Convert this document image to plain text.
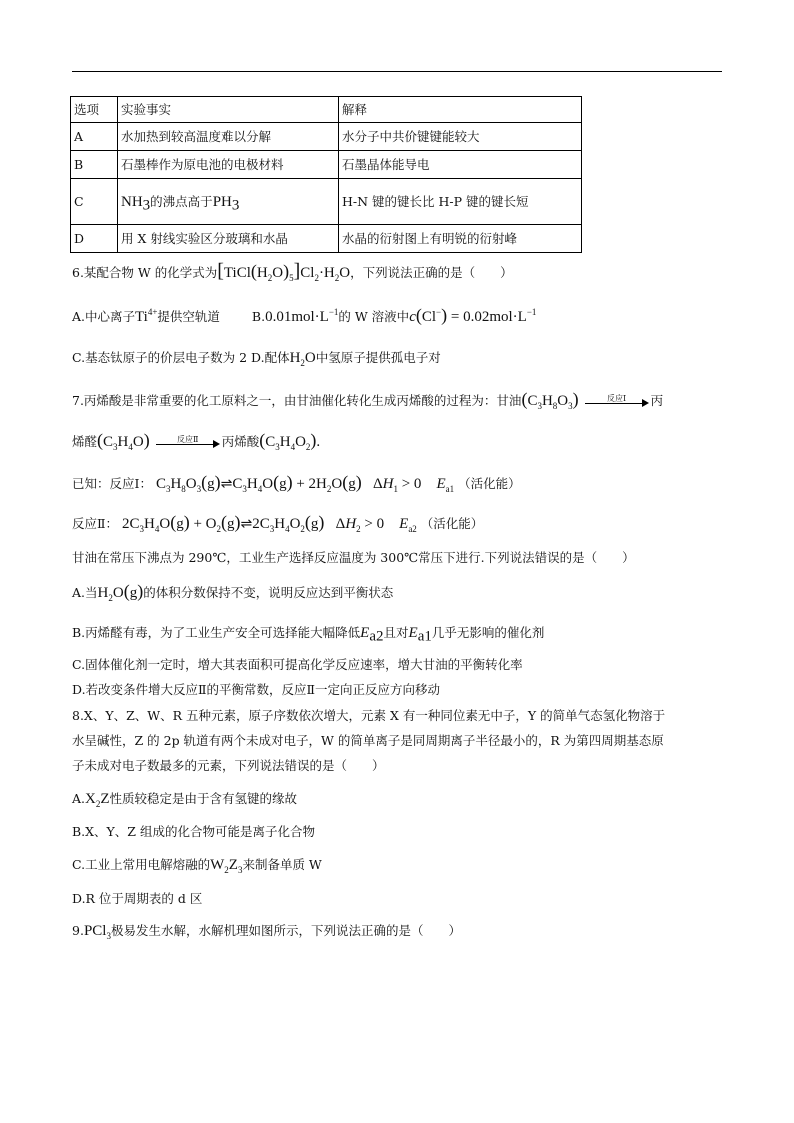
选项	实验事实	解释
A	水加热到较高温度难以分解	水分子中共价键键能较大
B	石墨棒作为原电池的电极材料	石墨晶体能导电
C	$NH_3$的沸点高于$PH_3$	H-N 键的键长比 H-P 键的键长短
D	用 X 射线实验区分玻璃和水晶	水晶的衍射图上有明锐的衍射峰
6.某配合物 W 的化学式为$[TiCl(H_2O)_5]Cl_2\cdot H_2O$，下列说法正确的是（　　）
A.中心离子$Ti^{4+}$提供空轨道	$B.0.01mol\cdot L^{-1}$的 W 溶液中$c(Cl^-) = 0.02mol\cdot L^{-1}$
C.基态钛原子的价层电子数为 2 D.配体$H_2O$中氢原子提供孤电子对
7.丙烯酸是非常重要的化工原料之一，由甘油催化转化生成丙烯酸的过程为：甘油$(C_3H_8O_3)$	反应Ⅰ	丙
烯醛$(C_3H_4O)$	反应Ⅱ	丙烯酸$(C_3H_4O_2)$.
已知：反应Ⅰ： $C_3H_8O_3(g)\rightleftharpoons C_3H_4O(g) + 2H_2O(g) \Delta H_1 > 0$    $E_{a1}$ （活化能）
反应Ⅱ： $2C_3H_4O(g)$ + $O_2(g)\rightleftharpoons 2C_3H_4O_2(g) \Delta H_2 > 0$    $E_{a2}$ （活化能）
甘油在常压下沸点为 290℃，工业生产选择反应温度为 300℃常压下进行.下列说法错误的是（　　）
A.当$H_2O(g)$的体积分数保持不变，说明反应达到平衡状态
B.丙烯醛有毒，为了工业生产安全可选择能大幅降低$E_{a2}$且对$E_{a1}$几乎无影响的催化剂
C.固体催化剂一定时，增大其表面积可提高化学反应速率，增大甘油的平衡转化率
D.若改变条件增大反应Ⅱ的平衡常数，反应Ⅱ一定向正反应方向移动
8.X、Y、Z、W、R 五种元素，原子序数依次增大，元素 X 有一种同位素无中子，Y 的简单气态氢化物溶于
水呈碱性，Z 的 2p 轨道有两个未成对电子，W 的简单离子是同周期离子半径最小的，R 为第四周期基态原
子未成对电子数最多的元素，下列说法错误的是（　　）
$A.X_2Z$性质较稳定是由于含有氢键的缘故
B.X、Y、Z 组成的化合物可能是离子化合物
C.工业上常用电解熔融的$W_2Z_3$来制备单质 W
D.R 位于周期表的 d 区
9.PCl$_3$极易发生水解，水解机理如图所示，下列说法正确的是（　　）
